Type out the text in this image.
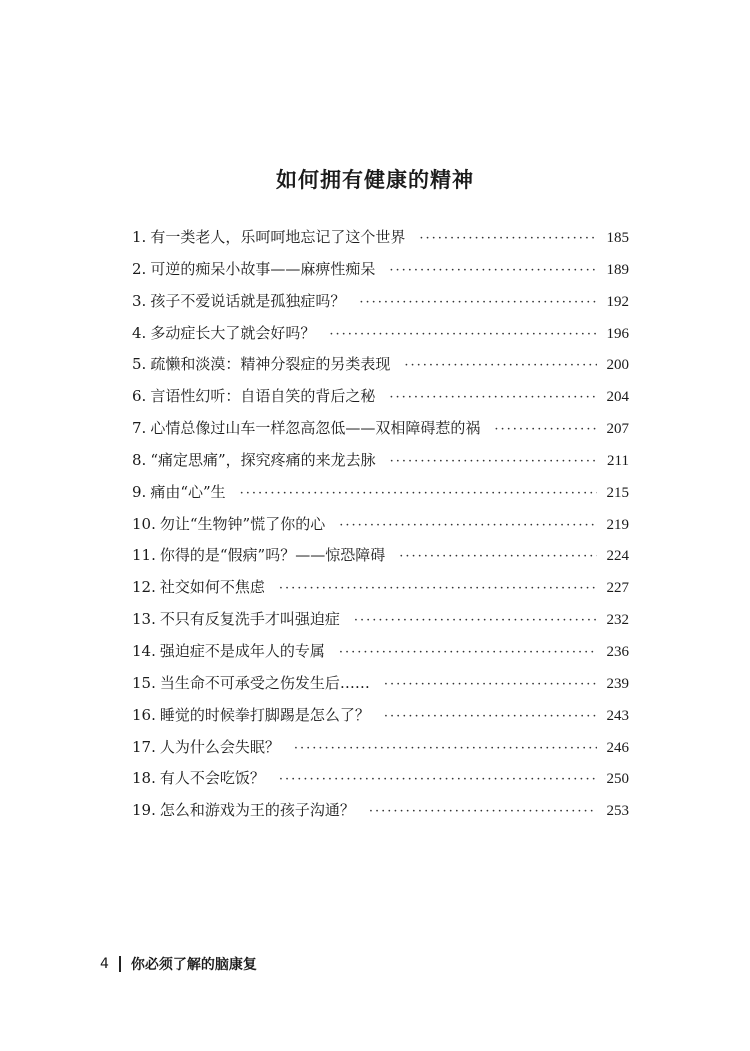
如何拥有健康的精神
1. 有一类老人，乐呵呵地忘记了这个世界 ·····	185
2. 可逆的痴呆小故事——麻痹性痴呆 ·····	189
3. 孩子不爱说话就是孤独症吗？ ·····	192
4. 多动症长大了就会好吗？ ·····	196
5. 疏懒和淡漠：精神分裂症的另类表现 ·····	200
6. 言语性幻听：自语自笑的背后之秘 ·····	204
7. 心情总像过山车一样忽高忽低——双相障碍惹的祸 ·····	207
8. “痛定思痛”，探究疼痛的来龙去脉 ·····	211
9. 痛由“心”生 ·····	215
10. 勿让“生物钟”慌了你的心 ·····	219
11. 你得的是“假病”吗？——惊恐障碍 ·····	224
12. 社交如何不焦虑 ·····	227
13. 不只有反复洗手才叫强迫症 ·····	232
14. 强迫症不是成年人的专属 ·····	236
15. 当生命不可承受之伤发生后…… ·····	239
16. 睡觉的时候拳打脚踢是怎么了？ ·····	243
17. 人为什么会失眠？ ·····	246
18. 有人不会吃饭？ ·····	250
19. 怎么和游戏为王的孩子沟通？ ·····	253
4 你必须了解的脑康复
